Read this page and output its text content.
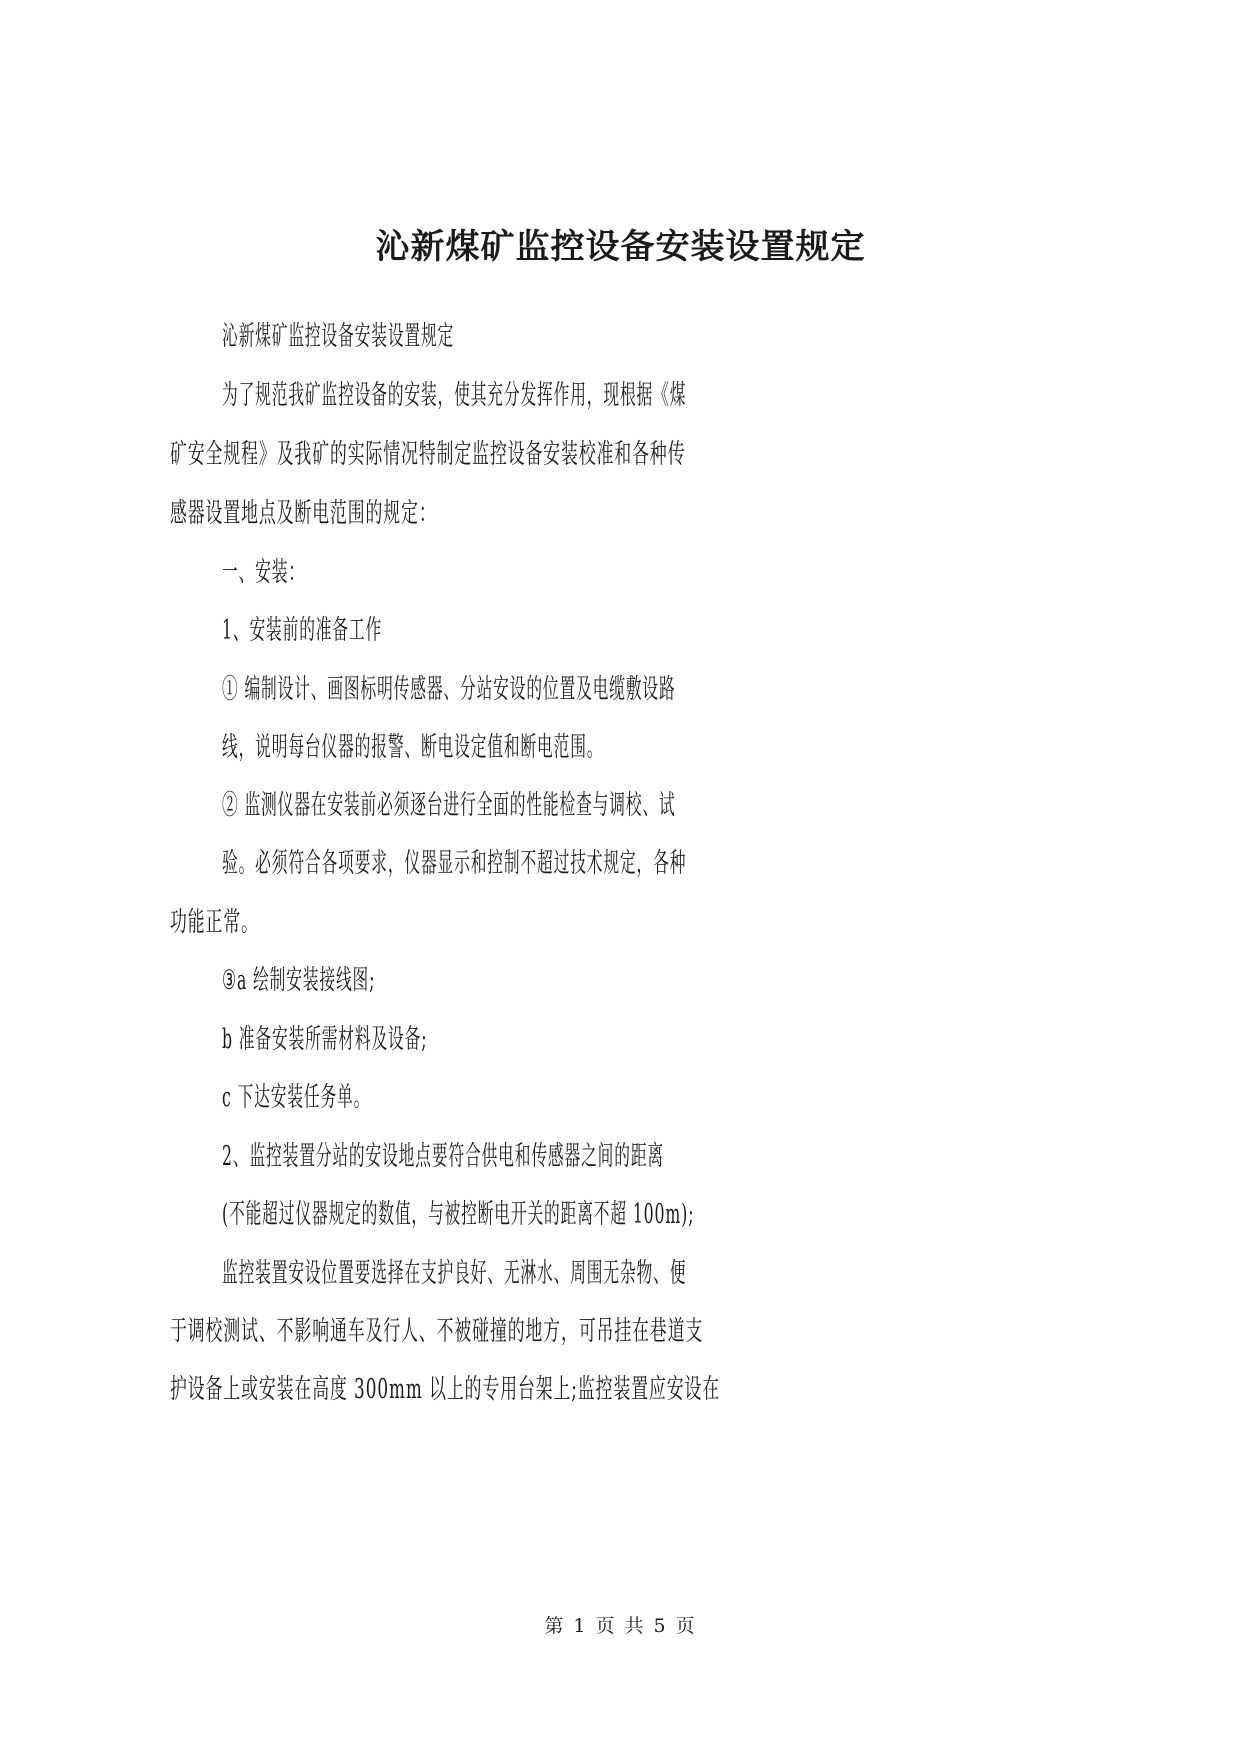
沁新煤矿监控设备安装设置规定
沁新煤矿监控设备安装设置规定
为了规范我矿监控设备的安装，使其充分发挥作用，现根据《煤
矿安全规程》及我矿的实际情况特制定监控设备安装校准和各种传
感器设置地点及断电范围的规定：
一、安装：
1、安装前的准备工作
① 编制设计、画图标明传感器、分站安设的位置及电缆敷设路
线，说明每台仪器的报警、断电设定值和断电范围。
② 监测仪器在安装前必须逐台进行全面的性能检查与调校、试
验。必须符合各项要求，仪器显示和控制不超过技术规定，各种
功能正常。
③a 绘制安装接线图;
b 准备安装所需材料及设备;
c 下达安装任务单。
2、监控装置分站的安设地点要符合供电和传感器之间的距离
(不能超过仪器规定的数值，与被控断电开关的距离不超 100m);
监控装置安设位置要选择在支护良好、无淋水、周围无杂物、便
于调校测试、不影响通车及行人、不被碰撞的地方，可吊挂在巷道支
护设备上或安装在高度 300mm 以上的专用台架上;监控装置应安设在
第 1 页 共 5 页
